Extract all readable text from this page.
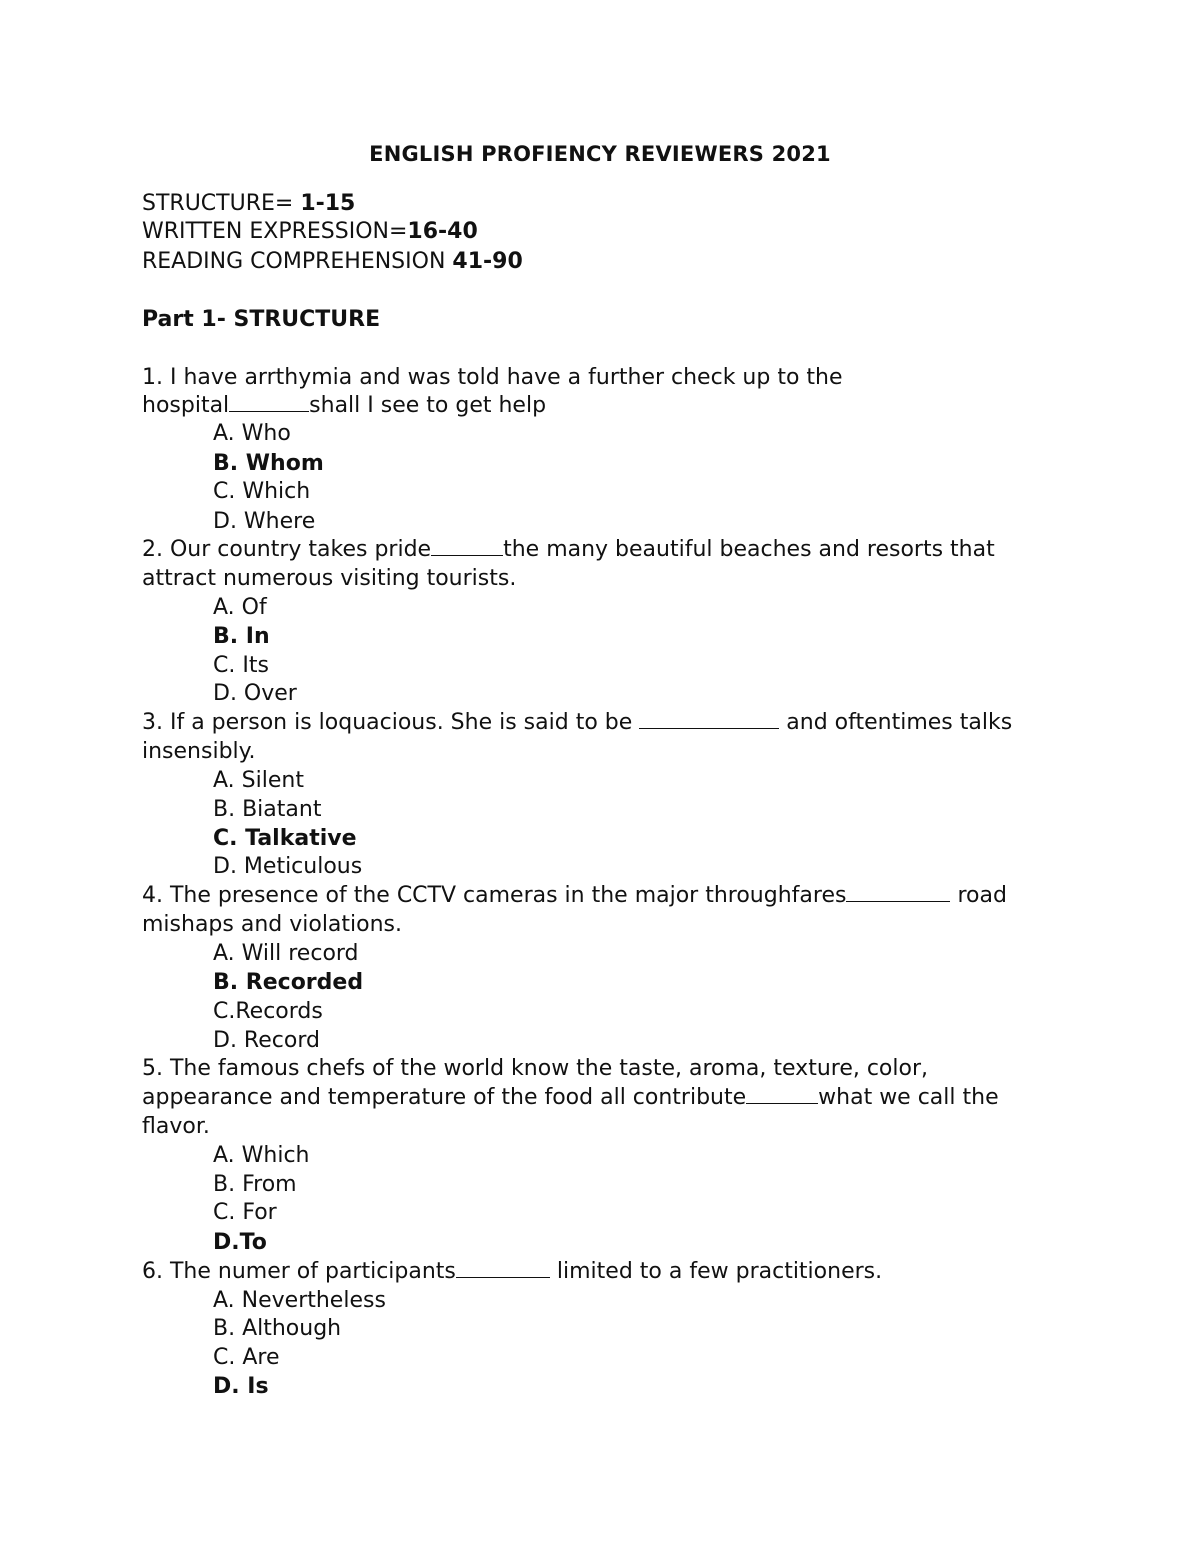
ENGLISH PROFIENCY REVIEWERS 2021
STRUCTURE= 1-15
WRITTEN EXPRESSION=16-40
READING COMPREHENSION 41-90
Part 1- STRUCTURE
1. I have arrthymia and was told have a further check up to the
hospital	shall I see to get help
A. Who
B. Whom
C. Which
D. Where
2. Our country takes pride	the many beautiful beaches and resorts that
attract numerous visiting tourists.
A. Of
B. In
C. Its
D. Over
3. If a person is loquacious. She is said to be	and oftentimes talks
insensibly.
A. Silent
B. Biatant
C. Talkative
D. Meticulous
4. The presence of the CCTV cameras in the major throughfares	road
mishaps and violations.
A. Will record
B. Recorded
C.Records
D. Record
5. The famous chefs of the world know the taste, aroma, texture, color,
appearance and temperature of the food all contribute	what we call the
flavor.
A. Which
B. From
C. For
D.To
6. The numer of participants	limited to a few practitioners.
A. Nevertheless
B. Although
C. Are
D. Is
